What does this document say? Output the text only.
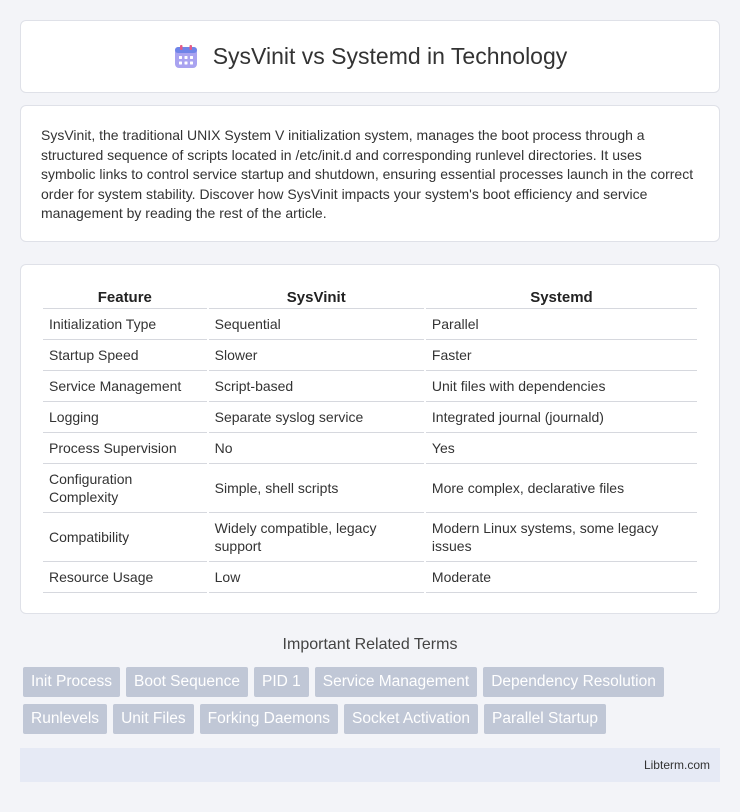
SysVinit vs Systemd in Technology

SysVinit, the traditional UNIX System V initialization system, manages the boot process through a structured sequence of scripts located in /etc/init.d and corresponding runlevel directories. It uses symbolic links to control service startup and shutdown, ensuring essential processes launch in the correct order for system stability. Discover how SysVinit impacts your system's boot efficiency and service management by reading the rest of the article.

Feature	SysVinit	Systemd
Initialization Type	Sequential	Parallel
Startup Speed	Slower	Faster
Service Management	Script-based	Unit files with dependencies
Logging	Separate syslog service	Integrated journal (journald)
Process Supervision	No	Yes
Configuration Complexity	Simple, shell scripts	More complex, declarative files
Compatibility	Widely compatible, legacy support	Modern Linux systems, some legacy issues
Resource Usage	Low	Moderate
Important Related Terms
Init Process	Boot Sequence	PID 1	Service Management	Dependency Resolution
Runlevels	Unit Files	Forking Daemons	Socket Activation	Parallel Startup
Libterm.com
